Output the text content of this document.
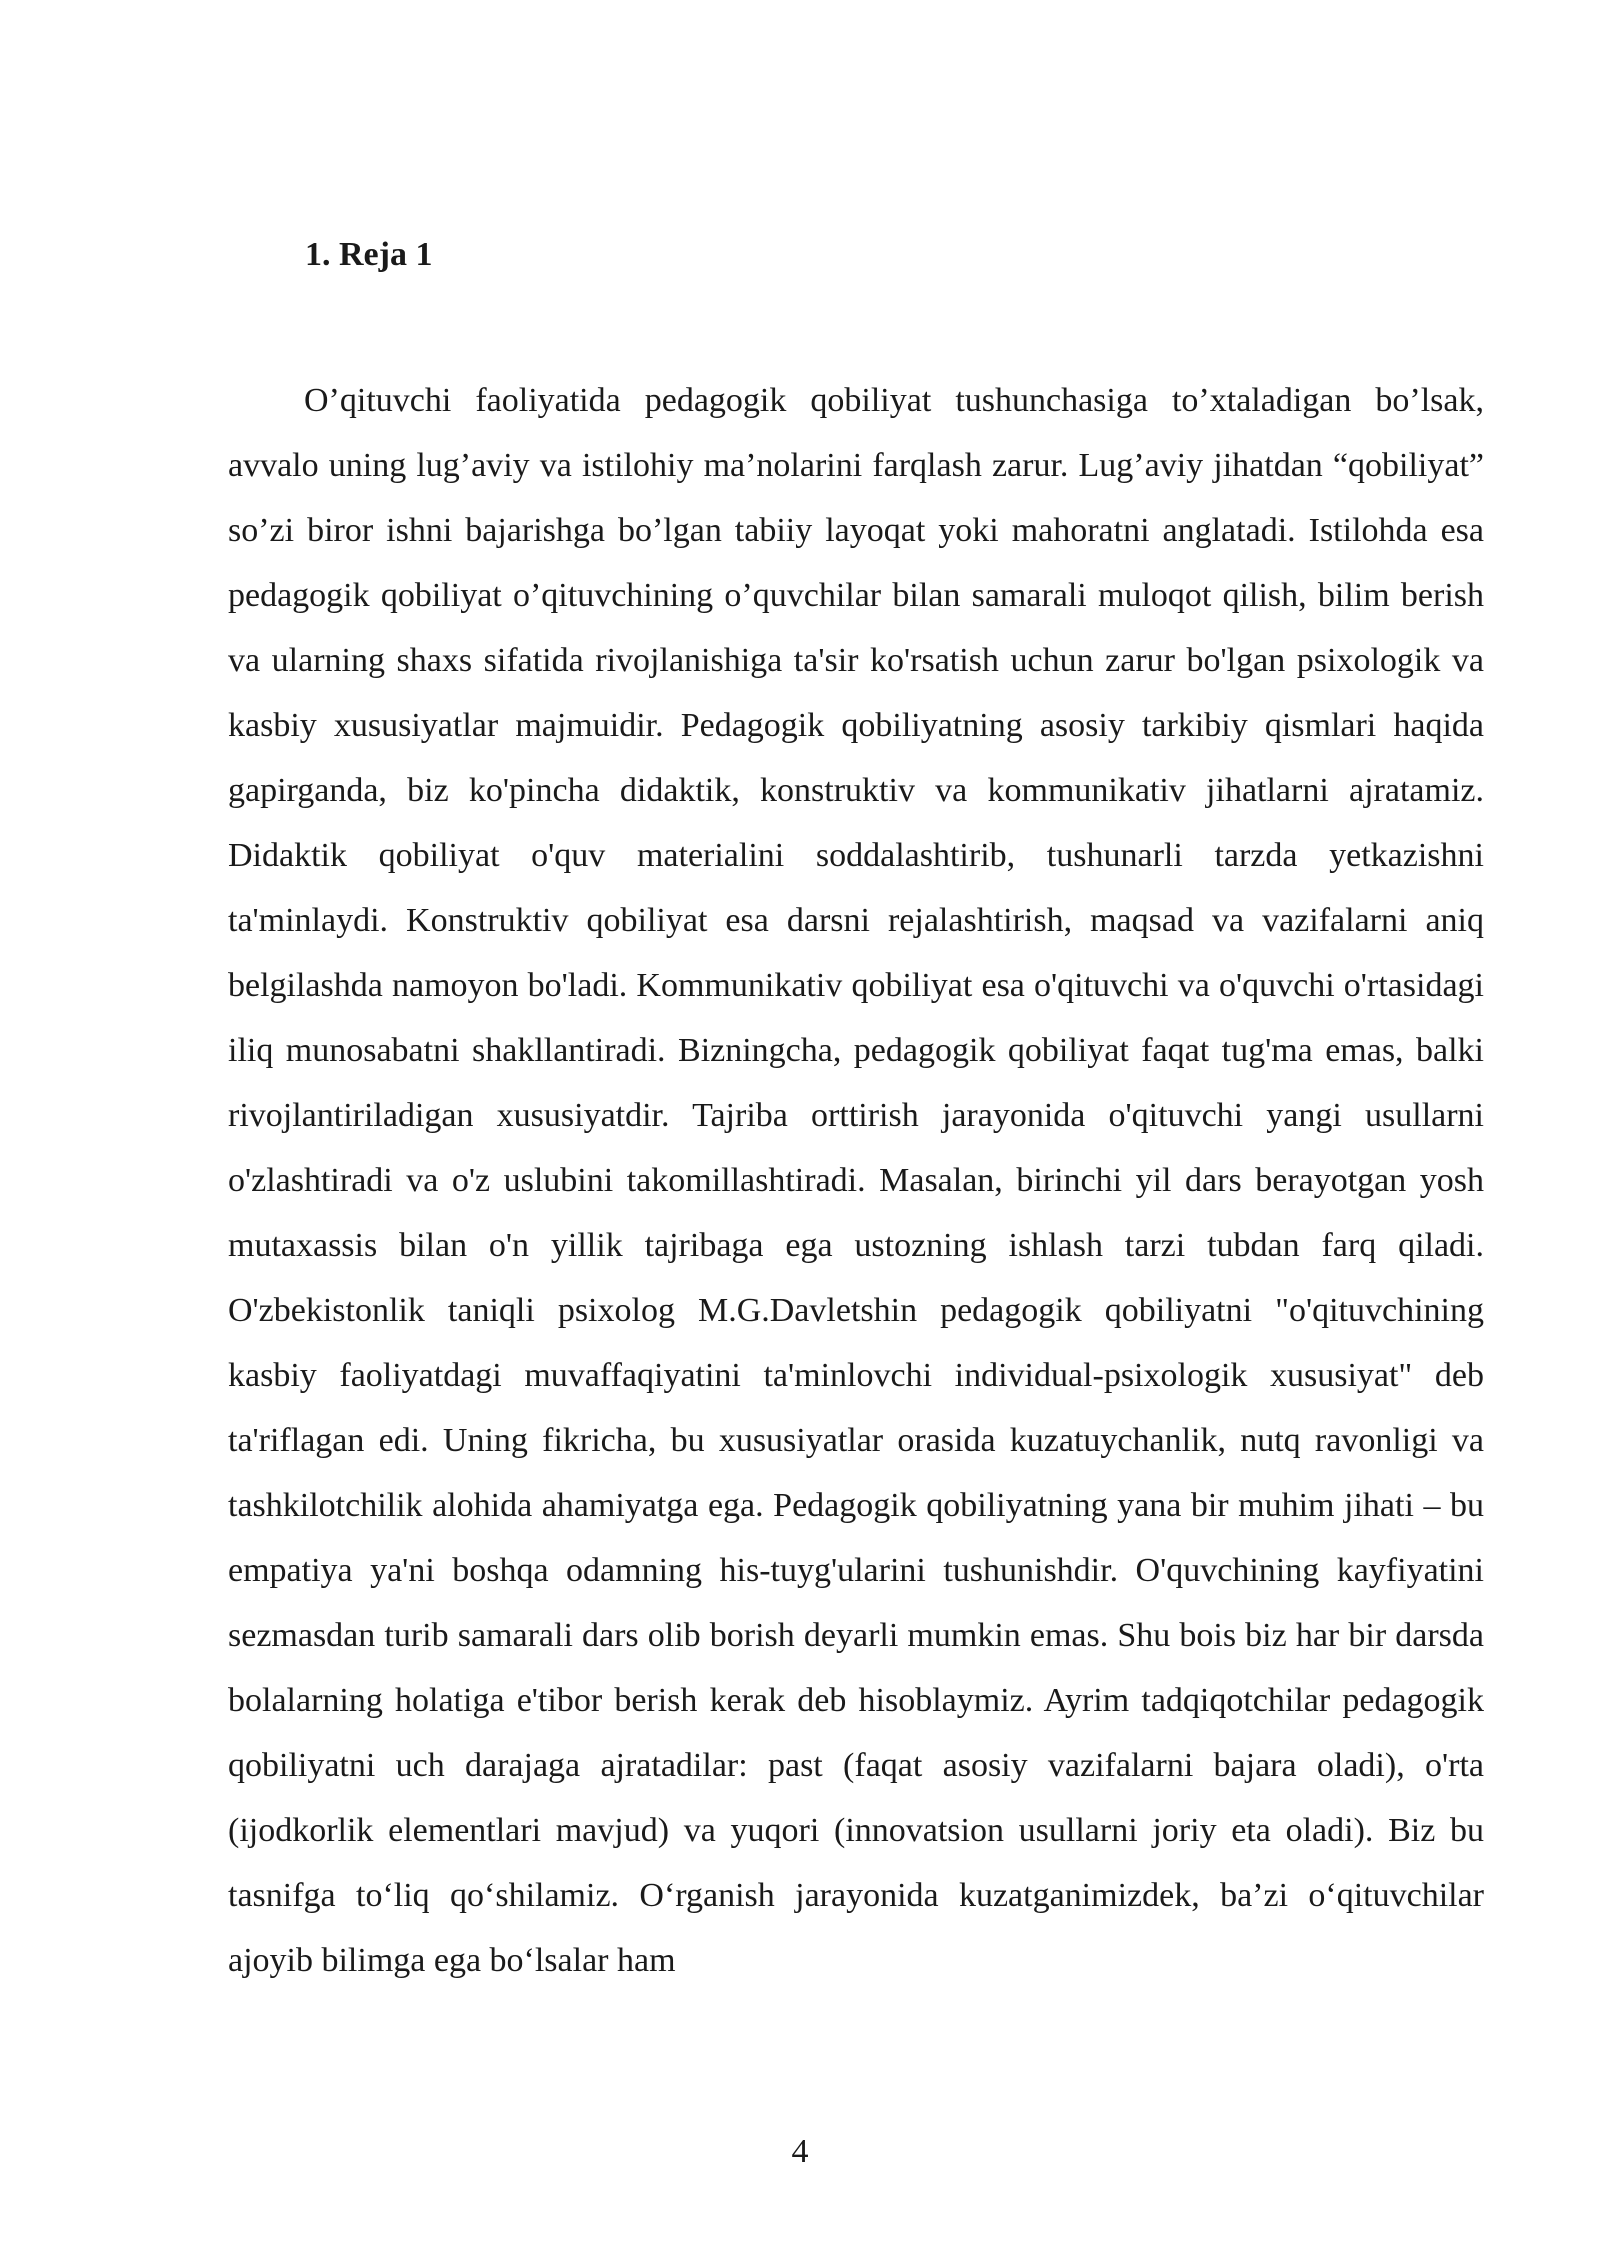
1. Reja 1

O’qituvchi faoliyatida pedagogik qobiliyat tushunchasiga to’xtaladigan bo’lsak, avvalo uning lug’aviy va istilohiy ma’nolarini farqlash zarur. Lug’aviy jihatdan “qobiliyat” so’zi biror ishni bajarishga bo’lgan tabiiy layoqat yoki mahoratni anglatadi. Istilohda esa pedagogik qobiliyat o’qituvchining o’quvchilar bilan samarali muloqot qilish, bilim berish va ularning shaxs sifatida rivojlanishiga ta'sir ko'rsatish uchun zarur bo'lgan psixologik va kasbiy xususiyatlar majmuidir. Pedagogik qobiliyatning asosiy tarkibiy qismlari haqida gapirganda, biz ko'pincha didaktik, konstruktiv va kommunikativ jihatlarni ajratamiz. Didaktik qobiliyat o'quv materialini soddalashtirib, tushunarli tarzda yetkazishni ta'minlaydi. Konstruktiv qobiliyat esa darsni rejalashtirish, maqsad va vazifalarni aniq belgilashda namoyon bo'ladi. Kommunikativ qobiliyat esa o'qituvchi va o'quvchi o'rtasidagi iliq munosabatni shakllantiradi. Bizningcha, pedagogik qobiliyat faqat tug'ma emas, balki rivojlantiriladigan xususiyatdir. Tajriba orttirish jarayonida o'qituvchi yangi usullarni o'zlashtiradi va o'z uslubini takomillashtiradi. Masalan, birinchi yil dars berayotgan yosh mutaxassis bilan o'n yillik tajribaga ega ustozning ishlash tarzi tubdan farq qiladi. O'zbekistonlik taniqli psixolog M.G.Davletshin pedagogik qobiliyatni "o'qituvchining kasbiy faoliyatdagi muvaffaqiyatini ta'minlovchi individual-psixologik xususiyat" deb ta'riflagan edi. Uning fikricha, bu xususiyatlar orasida kuzatuychanlik, nutq ravonligi va tashkilotchilik alohida ahamiyatga ega. Pedagogik qobiliyatning yana bir muhim jihati – bu empatiya ya'ni boshqa odamning his-tuyg'ularini tushunishdir. O'quvchining kayfiyatini sezmasdan turib samarali dars olib borish deyarli mumkin emas. Shu bois biz har bir darsda bolalarning holatiga e'tibor berish kerak deb hisoblaymiz. Ayrim tadqiqotchilar pedagogik qobiliyatni uch darajaga ajratadilar: past (faqat asosiy vazifalarni bajara oladi), o'rta (ijodkorlik elementlari mavjud) va yuqori (innovatsion usullarni joriy eta oladi). Biz bu tasnifga to‘liq qo‘shilamiz. O‘rganish jarayonida kuzatganimizdek, ba’zi o‘qituvchilar ajoyib bilimga ega bo‘lsalar ham

4
